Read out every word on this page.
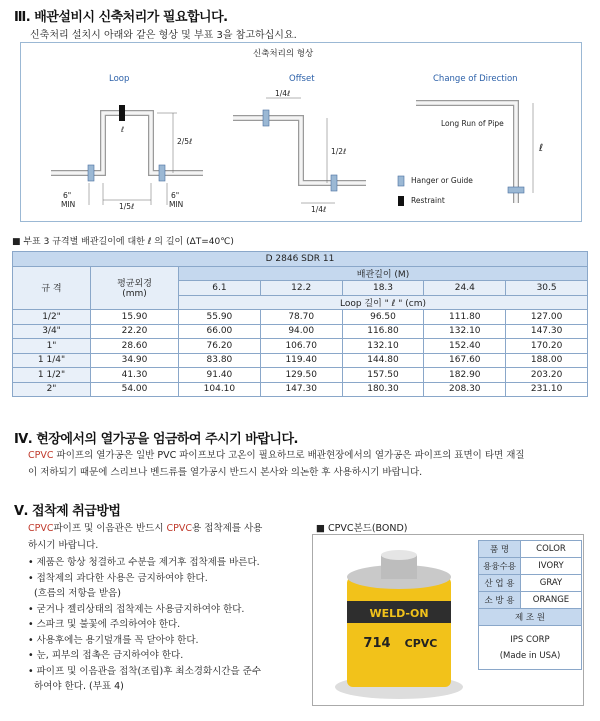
Ⅲ. 배관설비시 신축처리가 필요합니다.
신축처리 설치시 아래와 같은 형상 및 부표 3을 참고하십시요.
신축처리의 형상
Loop	Offset	Change of Direction
6"
MIN
6"
MIN
1/5ℓ
2/5ℓ
ℓ
1/4ℓ
1/2ℓ
1/4ℓ
ℓ
Long Run of Pipe
Hanger or Guide
Restraint
■ 부표 3 규격별 배관길이에 대한 ℓ 의 길이 (ΔT=40℃)
D 2846 SDR 11						
규 격	평균외경
(mm)	배관길이 (M)				
		6.1	12.2	18.3	24.4	30.5
		Loop 길이 " ℓ " (cm)				
1/2"	15.90	55.90	78.70	96.50	111.80	127.00
3/4"	22.20	66.00	94.00	116.80	132.10	147.30
1"	28.60	76.20	106.70	132.10	152.40	170.20
1 1/4"	34.90	83.80	119.40	144.80	167.60	188.00
1 1/2"	41.30	91.40	129.50	157.50	182.90	203.20
2"	54.00	104.10	147.30	180.30	208.30	231.10
Ⅳ. 현장에서의 열가공을 엄금하여 주시기 바랍니다.
CPVC 파이프의 열가공은 일반 PVC 파이프보다 고온이 필요하므로 배관현장에서의 열가공은 파이프의 표면이 타면 재질
이 저하되기 때문에 스리브나 벤드류를 열가공시 반드시 본사와 의논한 후 사용하시기 바랍니다.
Ⅴ. 접착제 취급방법
CPVC파이프 및 이음관은 반드시 CPVC용 접착제를 사용
하시기 바랍니다.
• 제품은 항상 청결하고 수분을 제거후 접착제를 바른다.
• 접착제의 과다한 사용은 금지하여야 한다.
(흐름의 저항을 받음)
• 굳거나 젤리상태의 접착제는 사용금지하여야 한다.
• 스파크 및 불꽃에 주의하여야 한다.
• 사용후에는 용기덮개를 꼭 닫아야 한다.
• 눈, 피부의 접촉은 금지하여야 한다.
• 파이프 및 이음관을 접착(조립)후 최소경화시간을 준수
하여야 한다. (부표 4)
■ CPVC본드(BOND)
WELD-ON
714 CPVC
품 명	COLOR
용융수용	IVORY
산 업 용	GRAY
소 방 용	ORANGE
제 조 원	

IPS CORP
(Made in USA)	
